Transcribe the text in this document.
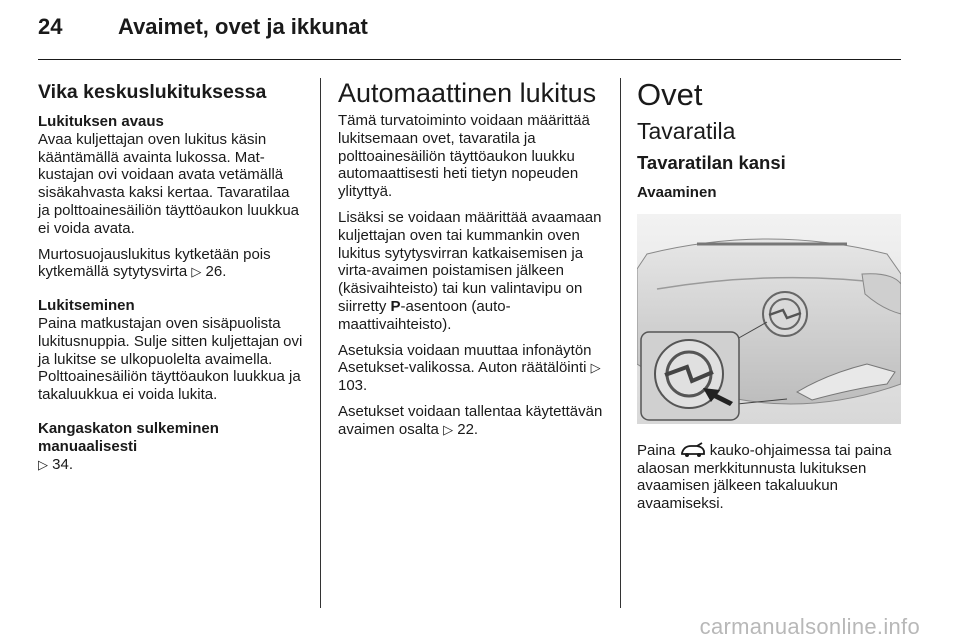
24	Avaimet, ovet ja ikkunat
Vika keskuslukituksessa
Lukituksen avaus

Avaa kuljettajan oven lukitus käsin kääntämällä avainta lukossa. Matkustajan ovi voidaan avata vetämällä sisäkahvasta kaksi kertaa. Tavaratilaa ja polttoainesäiliön täyttöaukon luukkua ei voida avata.

Murtosuojauslukitus kytketään pois kytkemällä sytytysvirta ▷ 26.

Lukitseminen

Paina matkustajan oven sisäpuolista lukitusnuppia. Sulje sitten kuljettajan ovi ja lukitse se ulkopuolelta avaimella. Polttoainesäiliön täyttöaukon luukkua ja takaluukkua ei voida lukita.

Kangaskaton sulkeminen manuaalisesti

▷ 34.

Automaattinen lukitus

Tämä turvatoiminto voidaan määrittää lukitsemaan ovet, tavaratila ja polttoainesäiliön täyttöaukon luukku automaattisesti heti tietyn nopeuden ylityttyä.

Lisäksi se voidaan määrittää avaamaan kuljettajan oven tai kummankin oven lukitus sytytysvirran katkaisemisen ja virta-avaimen poistamisen jälkeen (käsivaihteisto) tai kun valintavipu on siirretty P-asentoon (automaattivaihteisto).

Asetuksia voidaan muuttaa infonäytön Asetukset-valikossa. Auton räätälöinti ▷ 103.

Asetukset voidaan tallentaa käytettävän avaimen osalta ▷ 22.

Ovet
Tavaratila
Tavaratilan kansi
Avaaminen

Paina kauko-ohjaimessa tai paina alaosan merkkitunnusta lukituksen avaamisen jälkeen takaluukun avaamiseksi.

carmanualsonline.info
